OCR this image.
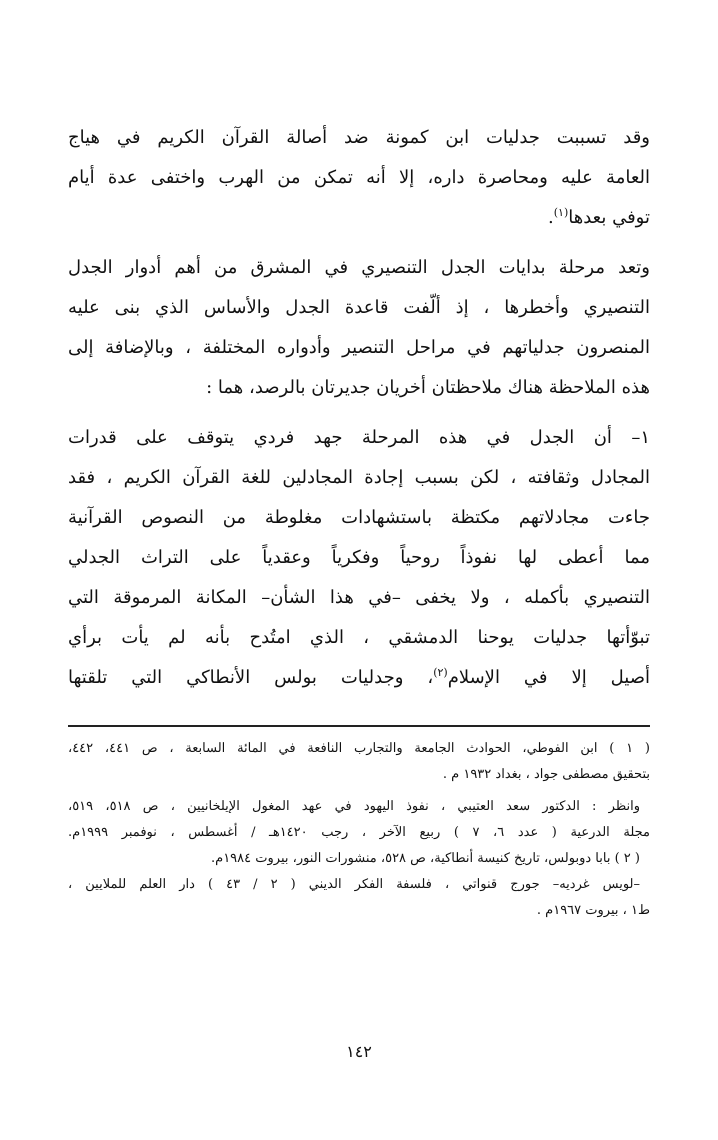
وقد تسببت جدليات ابن كمونة ضد أصالة القرآن الكريم في هياج
العامة عليه ومحاصرة داره، إلا أنه تمكن من الهرب واختفى عدة أيام
توفي بعدها$^{(١)}$.
وتعد مرحلة بدايات الجدل التنصيري في المشرق من أهم أدوار الجدل
التنصيري وأخطرها ، إذ ألّفت قاعدة الجدل والأساس الذي بنى عليه
المنصرون جدلياتهم في مراحل التنصير وأدواره المختلفة ، وبالإضافة إلى
هذه الملاحظة هناك ملاحظتان أخريان جديرتان بالرصد، هما :
١– أن الجدل في هذه المرحلة جهد فردي يتوقف على قدرات
المجادل وثقافته ، لكن بسبب إجادة المجادلين للغة القرآن الكريم ، فقد
جاءت مجادلاتهم مكتظة باستشهادات مغلوطة من النصوص القرآنية
مما أعطى لها نفوذاً روحياً وفكرياً وعقدياً على التراث الجدلي
التنصيري بأكمله ، ولا يخفى –في هذا الشأن– المكانة المرموقة التي
تبوّأتها جدليات يوحنا الدمشقي ، الذي امتُدح بأنه لم يأت برأي
أصيل إلا في الإسلام$^{(٢)}$، وجدليات بولس الأنطاكي التي تلقتها
( ١ ) ابن الفوطي، الحوادث الجامعة والتجارب النافعة في المائة السابعة ، ص ٤٤١، ٤٤٢،
بتحقيق مصطفى جواد ، بغداد ١٩٣٢ م .
وانظر : الدكتور سعد العتيبي ، نفوذ اليهود في عهد المغول الإيلخانيين ، ص ٥١٨، ٥١٩،
مجلة الدرعية ( عدد ٦، ٧ ) ربيع الآخر ، رجب ١٤٢٠هـ / أغسطس ، نوفمبر ١٩٩٩م.
( ٢ ) بابا دوبولس، تاريخ كنيسة أنطاكية، ص ٥٢٨، منشورات النور، بيروت ١٩٨٤م.
–لويس غرديه– جورج قنواتي ، فلسفة الفكر الديني ( ٢ / ٤٣ ) دار العلم للملايين ،
ط١ ، بيروت ١٩٦٧م .
١٤٢
